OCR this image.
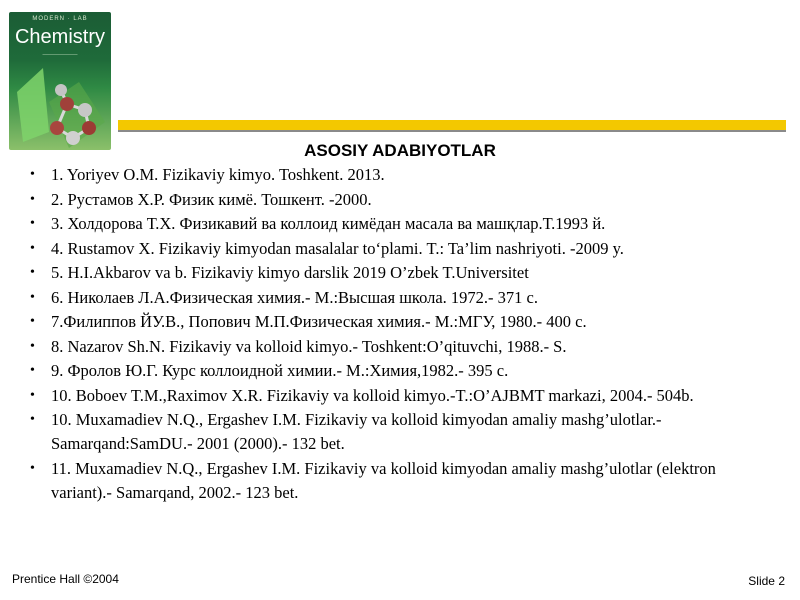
MODERN · LAB
Chemistry
———————
ASOSIY ADABIYOTLAR
• 1. Yoriyev O.M. Fizikaviy kimyo. Toshkent. 2013.
• 2. Рустамов Х.Р. Физик кимё. Тошкент. -2000.
• 3. Холдорова Т.Х. Физикавий ва коллоид кимёдан масала ва машқлар.Т.1993 й.
• 4. Rustamov X. Fizikaviy kimyodan masalalar to‘plami. T.: Ta’lim nashriyoti. -2009 y.
• 5. H.I.Akbarov va b. Fizikaviy kimyo darslik 2019 O’zbek T.Universitet
• 6. Николаев Л.А.Физическая химия.- М.:Высшая школа. 1972.- 371 с.
• 7.Филиппов ЙУ.В., Попович М.П.Физическая химия.- М.:МГУ, 1980.- 400 с.
• 8. Nazarov Sh.N. Fizikaviy va kolloid kimyo.- Toshkent:O’qituvchi, 1988.- S.
• 9. Фролов Ю.Г. Курс коллоидной химии.- М.:Химия,1982.- 395 с.
• 10. Boboev T.M.,Raximov X.R. Fizikaviy va kolloid kimyo.-T.:O’AJBMT markazi, 2004.- 504b.
• 10. Muxamadiev N.Q., Ergashev I.M. Fizikaviy va kolloid kimyodan amaliy mashg’ulotlar.- Samarqand:SamDU.- 2001 (2000).- 132 bet.
• 11. Muxamadiev N.Q., Ergashev I.M. Fizikaviy va kolloid kimyodan amaliy mashg’ulotlar (elektron variant).- Samarqand, 2002.- 123 bet.
Prentice Hall ©2004	Slide 2
